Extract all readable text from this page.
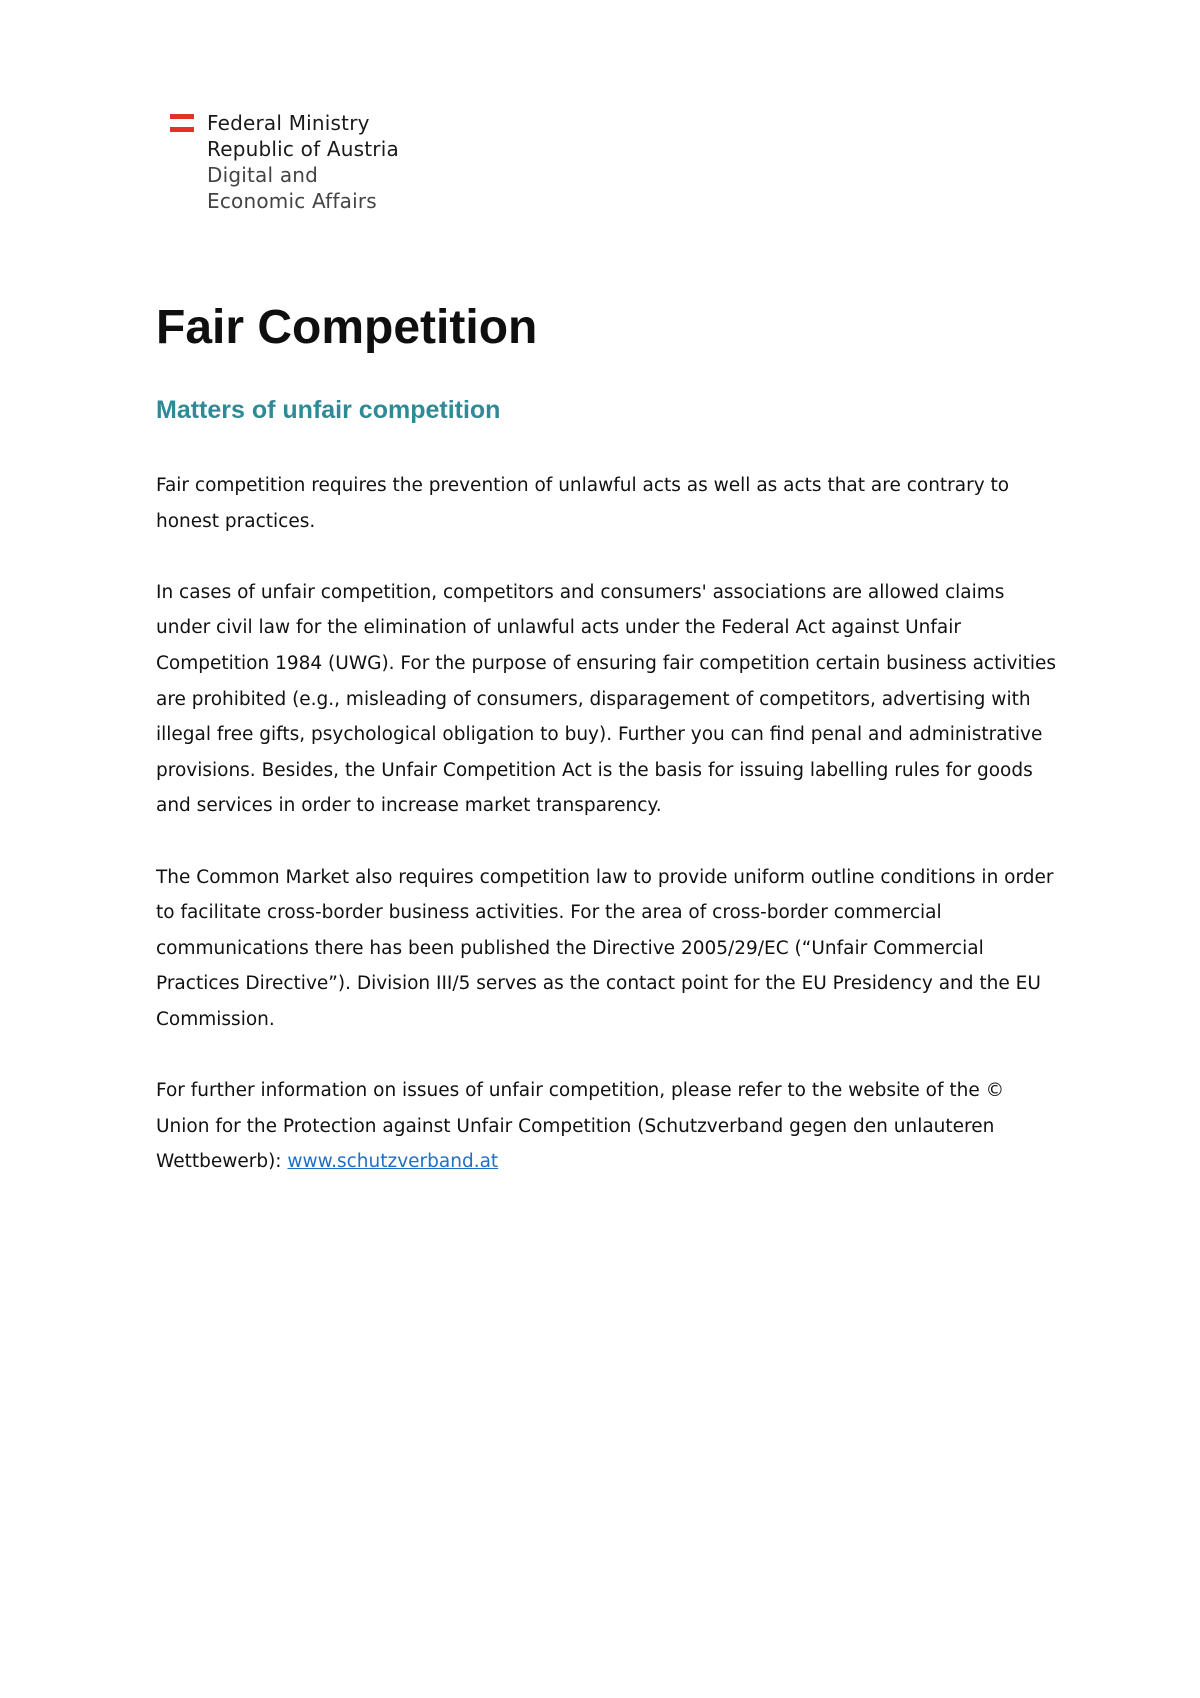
Federal Ministry
Republic of Austria
Digital and
Economic Affairs
Fair Competition
Matters of unfair competition

Fair competition requires the prevention of unlawful acts as well as acts that are contrary to honest practices.

In cases of unfair competition, competitors and consumers' associations are allowed claims under civil law for the elimination of unlawful acts under the Federal Act against Unfair Competition 1984 (UWG). For the purpose of ensuring fair competition certain business activities are prohibited (e.g., misleading of consumers, disparagement of competitors, advertising with illegal free gifts, psychological obligation to buy). Further you can find penal and administrative provisions. Besides, the Unfair Competition Act is the basis for issuing labelling rules for goods and services in order to increase market transparency.

The Common Market also requires competition law to provide uniform outline conditions in order to facilitate cross-border business activities. For the area of cross-border commercial communications there has been published the Directive 2005/29/EC (“Unfair Commercial Practices Directive”). Division III/5 serves as the contact point for the EU Presidency and the EU Commission.

For further information on issues of unfair competition, please refer to the website of the © Union for the Protection against Unfair Competition (Schutzverband gegen den unlauteren Wettbewerb): www.schutzverband.at
